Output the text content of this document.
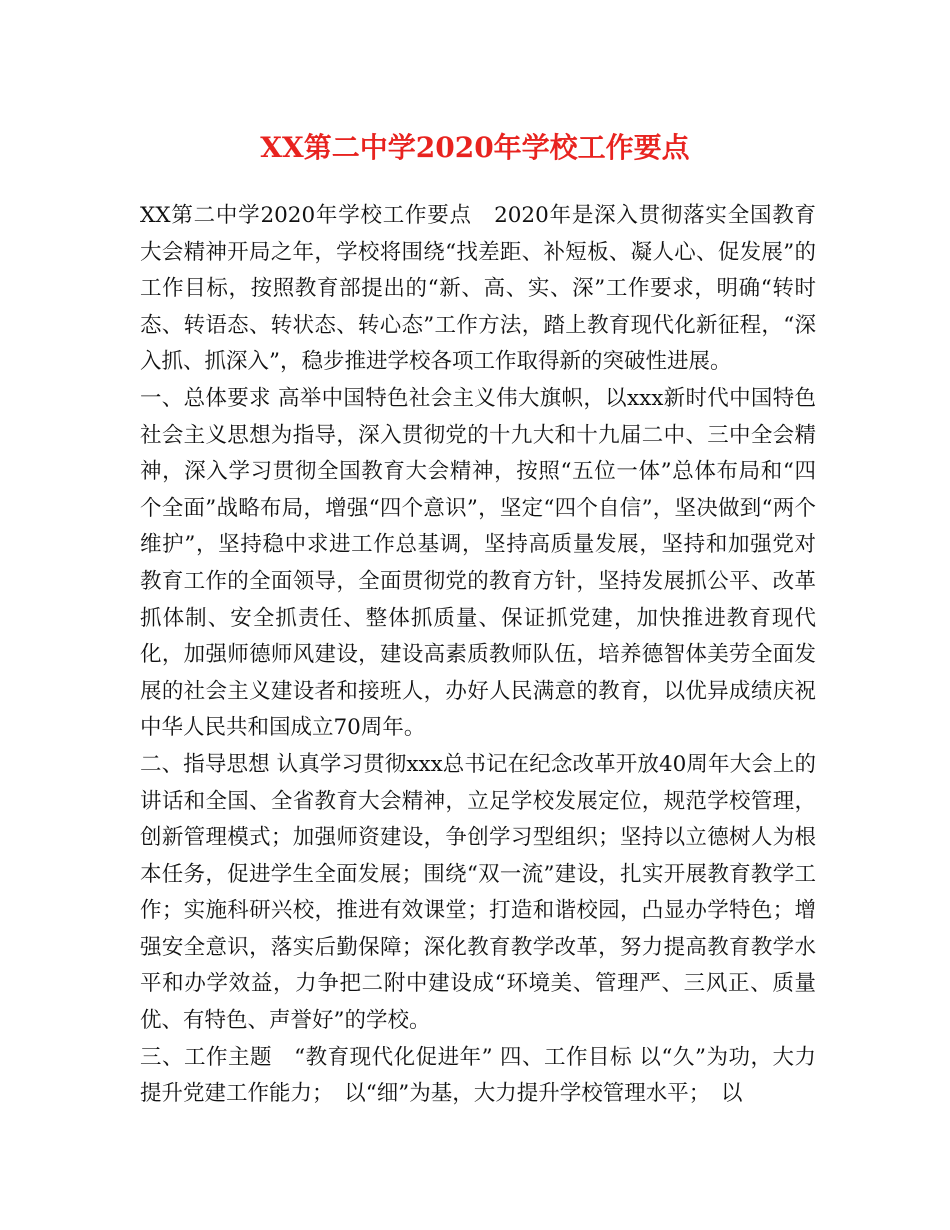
XX第二中学2020年学校工作要点

XX第二中学2020年学校工作要点　2020年是深入贯彻落实全国教育大会精神开局之年，学校将围绕“找差距、补短板、凝人心、促发展”的工作目标，按照教育部提出的“新、高、实、深”工作要求，明确“转时态、转语态、转状态、转心态”工作方法，踏上教育现代化新征程，“深入抓、抓深入”，稳步推进学校各项工作取得新的突破性进展。

一、总体要求 高举中国特色社会主义伟大旗帜，以xxx新时代中国特色社会主义思想为指导，深入贯彻党的十九大和十九届二中、三中全会精神，深入学习贯彻全国教育大会精神，按照“五位一体”总体布局和“四个全面”战略布局，增强“四个意识”，坚定“四个自信”，坚决做到“两个维护”，坚持稳中求进工作总基调，坚持高质量发展，坚持和加强党对教育工作的全面领导，全面贯彻党的教育方针，坚持发展抓公平、改革抓体制、安全抓责任、整体抓质量、保证抓党建，加快推进教育现代化，加强师德师风建设，建设高素质教师队伍，培养德智体美劳全面发展的社会主义建设者和接班人，办好人民满意的教育，以优异成绩庆祝中华人民共和国成立70周年。

二、指导思想 认真学习贯彻xxx总书记在纪念改革开放40周年大会上的讲话和全国、全省教育大会精神，立足学校发展定位，规范学校管理，创新管理模式；加强师资建设，争创学习型组织；坚持以立德树人为根本任务，促进学生全面发展；围绕“双一流”建设，扎实开展教育教学工作；实施科研兴校，推进有效课堂；打造和谐校园，凸显办学特色；增强安全意识，落实后勤保障；深化教育教学改革，努力提高教育教学水平和办学效益，力争把二附中建设成“环境美、管理严、三风正、质量优、有特色、声誉好”的学校。

三、工作主题　“教育现代化促进年” 四、工作目标 以“久”为功，大力提升党建工作能力；　以“细”为基，大力提升学校管理水平；　以
